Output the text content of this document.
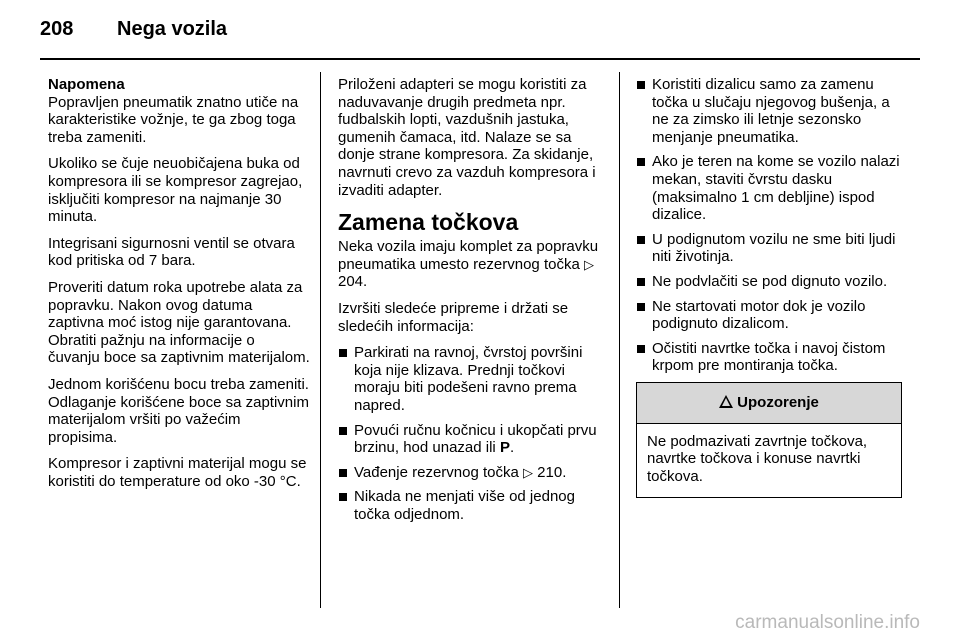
208 Nega vozila

Napomena
Popravljen pneumatik znatno utiče na karakteristike vožnje, te ga zbog toga treba zameniti.

Ukoliko se čuje neuobičajena buka od kompresora ili se kompresor zagrejao, isključiti kompresor na najmanje 30 minuta.

Integrisani sigurnosni ventil se otvara kod pritiska od 7 bara.

Proveriti datum roka upotrebe alata za popravku. Nakon ovog datuma zaptivna moć istog nije garantovana. Obratiti pažnju na informacije o čuvanju boce sa zaptivnim materijalom.

Jednom korišćenu bocu treba zameniti. Odlaganje korišćene boce sa zaptivnim materijalom vršiti po važećim propisima.

Kompresor i zaptivni materijal mogu se koristiti do temperature od oko -30 °C.

Priloženi adapteri se mogu koristiti za naduvavanje drugih predmeta npr. fudbalskih lopti, vazdušnih jastuka, gumenih čamaca, itd. Nalaze se sa donje strane kompresora. Za skidanje, navrnuti crevo za vazduh kompresora i izvaditi adapter.

Zamena točkova

Neka vozila imaju komplet za popravku pneumatika umesto rezervnog točka ▷ 204.

Izvršiti sledeće pripreme i držati se sledećih informacija:

Parkirati na ravnoj, čvrstoj površini koja nije klizava. Prednji točkovi moraju biti podešeni ravno prema napred.
Povući ručnu kočnicu i ukopčati prvu brzinu, hod unazad ili P.
Vađenje rezervnog točka ▷ 210.
Nikada ne menjati više od jednog točka odjednom.
Koristiti dizalicu samo za zamenu točka u slučaju njegovog bušenja, a ne za zimsko ili letnje sezonsko menjanje pneumatika.
Ako je teren na kome se vozilo nalazi mekan, staviti čvrstu dasku (maksimalno 1 cm debljine) ispod dizalice.
U podignutom vozilu ne sme biti ljudi niti životinja.
Ne podvlačiti se pod dignuto vozilo.
Ne startovati motor dok je vozilo podignuto dizalicom.
Očistiti navrtke točka i navoj čistom krpom pre montiranja točka.
Upozorenje
Ne podmazivati zavrtnje točkova, navrtke točkova i konuse navrtki točkova.
carmanualsonline.info
